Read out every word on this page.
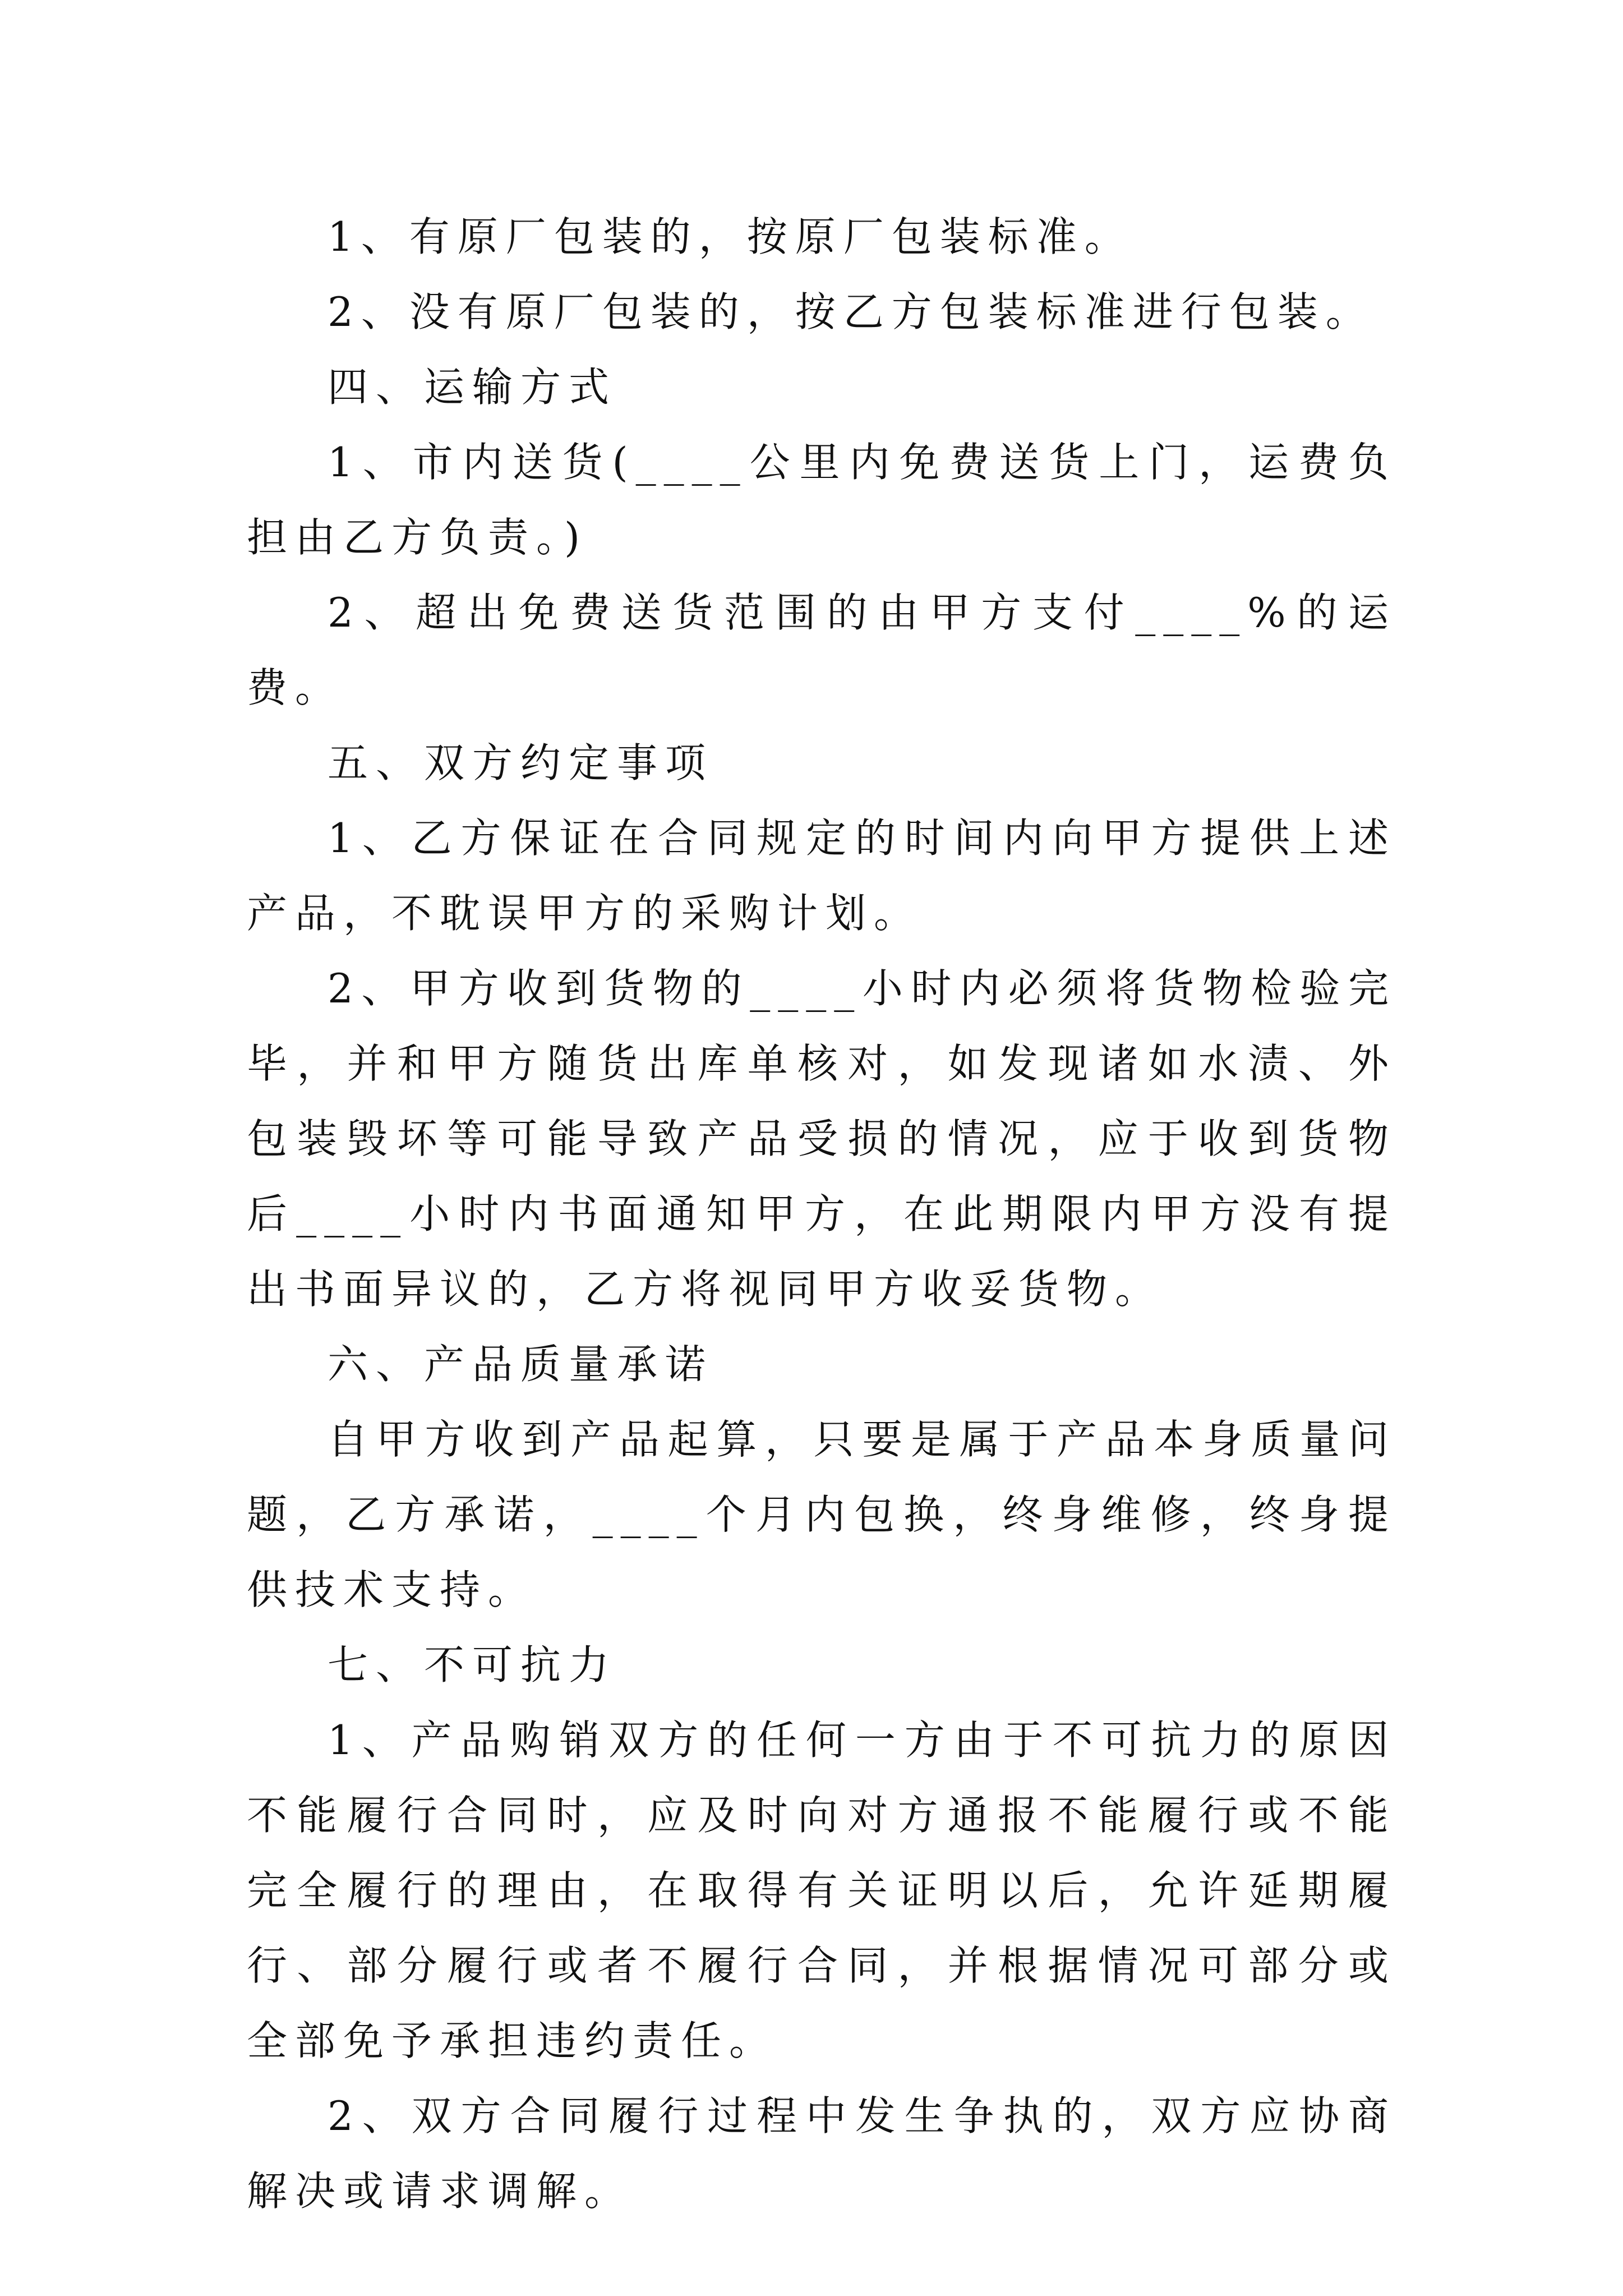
1、有原厂包装的，按原厂包装标准。

2、没有原厂包装的，按乙方包装标准进行包装。

四、运输方式

1、市内送货(____公里内免费送货上门，运费负担由乙方负责。)

2、超出免费送货范围的由甲方支付____%的运费。

五、双方约定事项

1、乙方保证在合同规定的时间内向甲方提供上述产品，不耽误甲方的采购计划。

2、甲方收到货物的____小时内必须将货物检验完毕，并和甲方随货出库单核对，如发现诸如水渍、外包装毁坏等可能导致产品受损的情况，应于收到货物后____小时内书面通知甲方，在此期限内甲方没有提出书面异议的，乙方将视同甲方收妥货物。

六、产品质量承诺

自甲方收到产品起算，只要是属于产品本身质量问题，乙方承诺，____个月内包换，终身维修，终身提供技术支持。

七、不可抗力

1、产品购销双方的任何一方由于不可抗力的原因不能履行合同时，应及时向对方通报不能履行或不能完全履行的理由，在取得有关证明以后，允许延期履行、部分履行或者不履行合同，并根据情况可部分或全部免予承担违约责任。

2、双方合同履行过程中发生争执的，双方应协商解决或请求调解。
